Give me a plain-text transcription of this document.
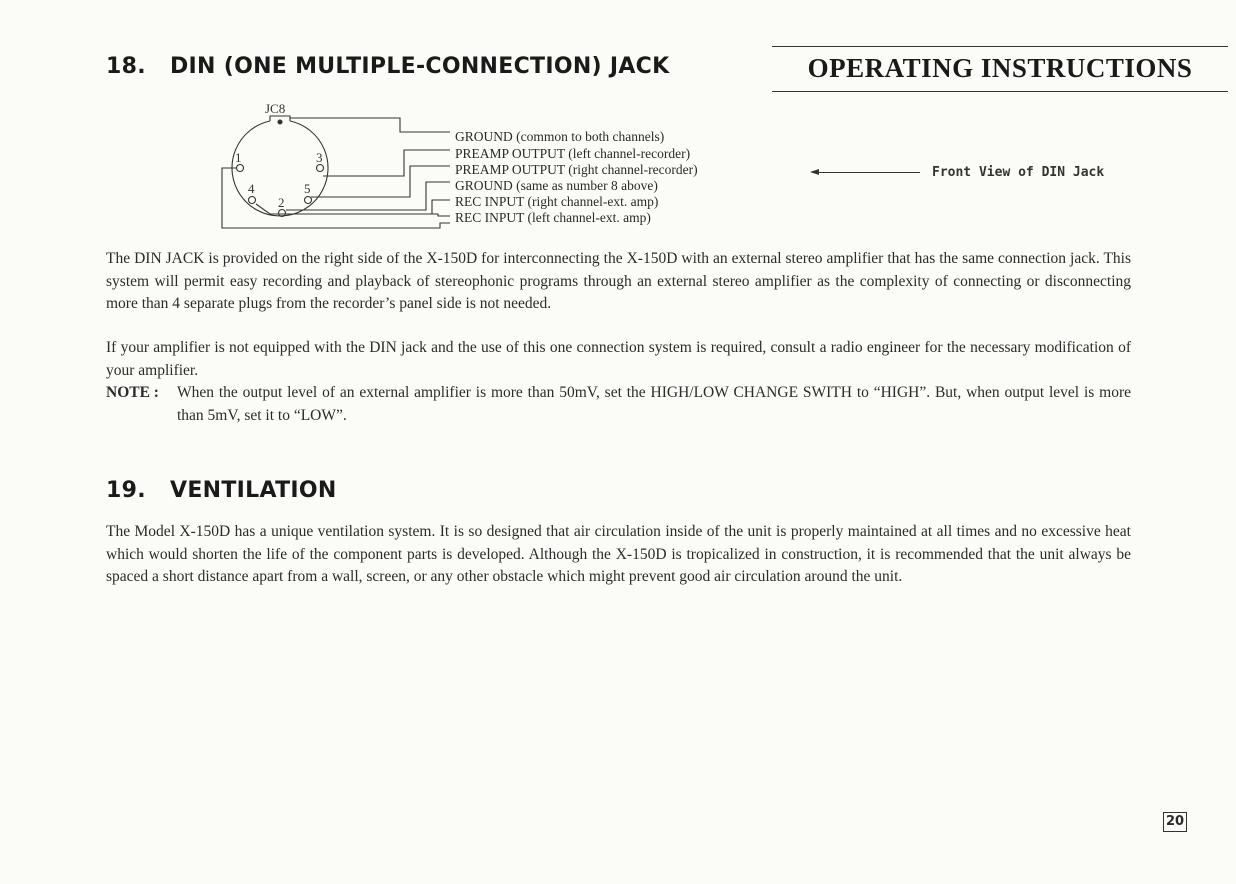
18. DIN (ONE MULTIPLE-CONNECTION) JACK	OPERATING INSTRUCTIONS
JC8
1	3
4	5
2
GROUND (common to both channels)
PREAMP OUTPUT (left channel-recorder)
PREAMP OUTPUT (right channel-recorder)
GROUND (same as number 8 above)
REC INPUT (right channel-ext. amp)
REC INPUT (left channel-ext. amp)
Front View of DIN Jack

The DIN JACK is provided on the right side of the X-150D for interconnecting the X-150D with an external stereo amplifier that has the same connection jack. This system will permit easy recording and playback of stereophonic programs through an external stereo amplifier as the complexity of connecting or disconnecting more than 4 separate plugs from the recorder’s panel side is not needed.

If your amplifier is not equipped with the DIN jack and the use of this one connection system is required, consult a radio engineer for the necessary modification of your amplifier.

NOTE : When the output level of an external amplifier is more than 50mV, set the HIGH/LOW CHANGE SWITH to “HIGH”. But, when output level is more than 5mV, set it to “LOW”.
19. VENTILATION

The Model X-150D has a unique ventilation system. It is so designed that air circulation inside of the unit is properly maintained at all times and no excessive heat which would shorten the life of the component parts is developed. Although the X-150D is tropicalized in construction, it is recommended that the unit always be spaced a short distance apart from a wall, screen, or any other obstacle which might prevent good air circulation around the unit.

20
